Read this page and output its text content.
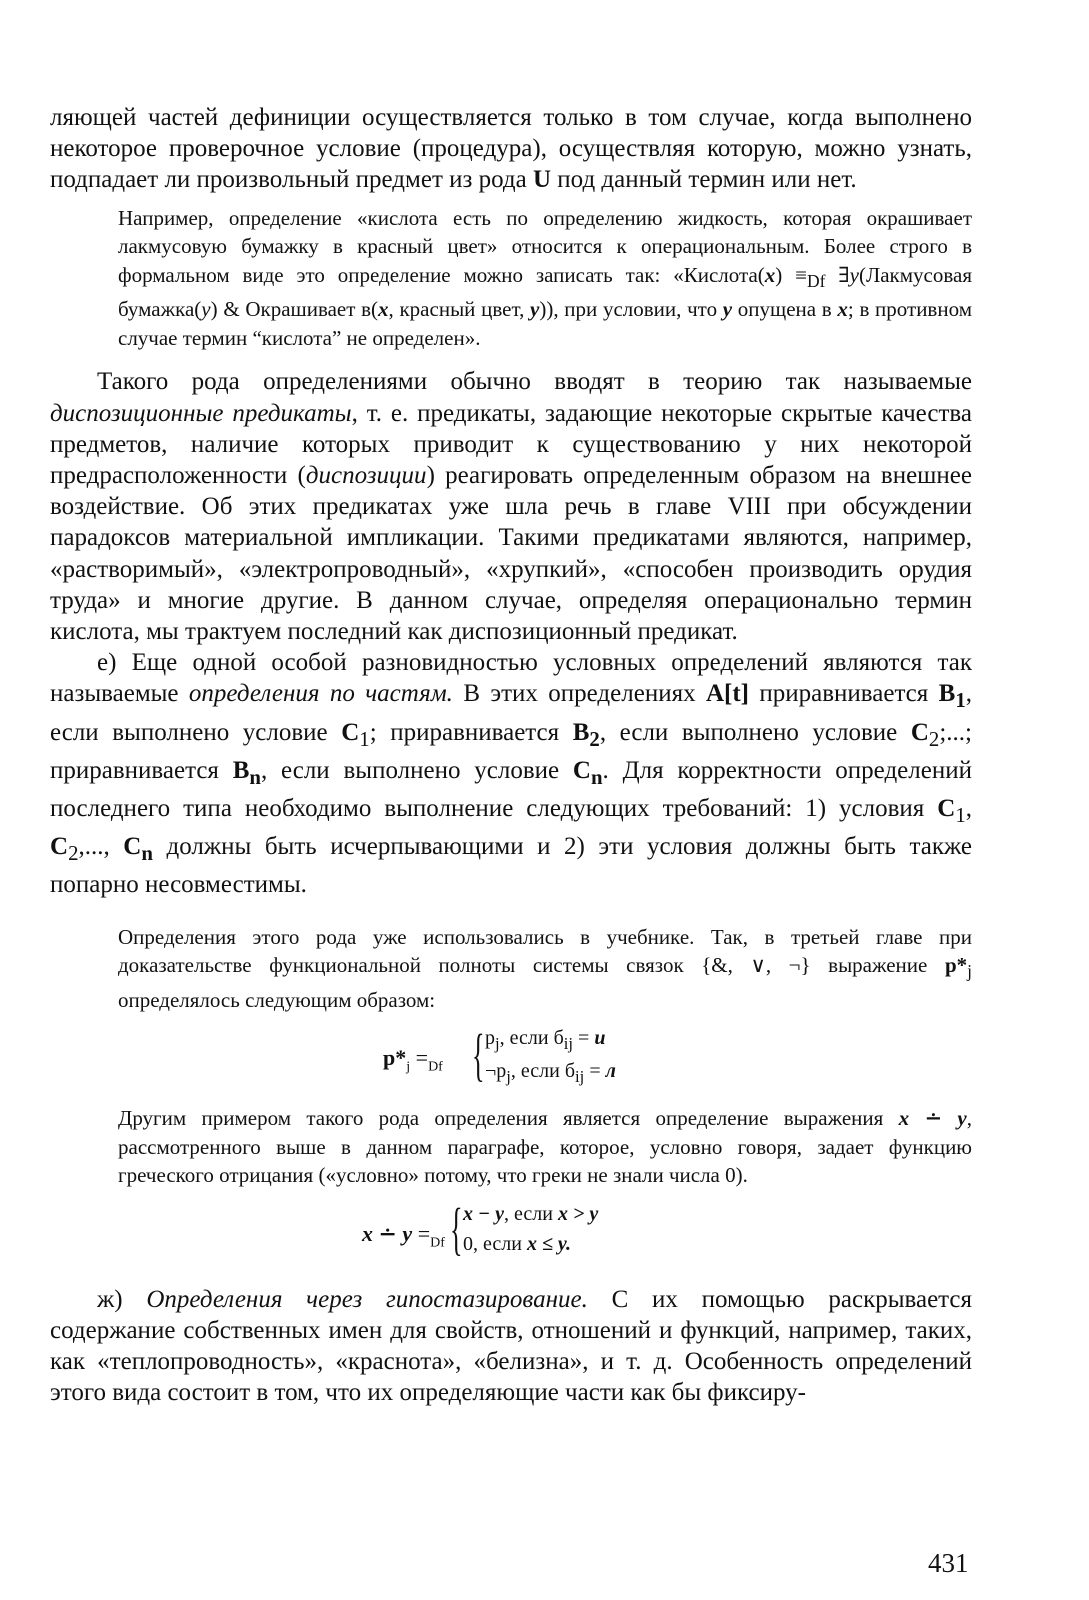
ляющей частей дефиниции осуществляется только в том случае, когда выполнено некоторое проверочное условие (процедура), осуществляя которую, можно узнать, подпадает ли произвольный предмет из рода U под данный термин или нет.

Например, определение «кислота есть по определению жидкость, которая окрашивает лакмусовую бумажку в красный цвет» относится к операциональным. Более строго в формальном виде это определение можно записать так: «Кислота(x) $\equiv_{Df}$ ∃y(Лакмусовая бумажка(y) & Окрашивает в(x, красный цвет, y)), при условии, что y опущена в x; в противном случае термин “кислота” не определен».

Такого рода определениями обычно вводят в теорию так называемые диспозиционные предикаты, т. е. предикаты, задающие некоторые скрытые качества предметов, наличие которых приводит к существованию у них некоторой предрасположенности (диспозиции) реагировать определенным образом на внешнее воздействие. Об этих предикатах уже шла речь в главе VIII при обсуждении парадоксов материальной импликации. Такими предикатами являются, например, «растворимый», «электропроводный», «хрупкий», «способен производить орудия труда» и многие другие. В данном случае, определяя операционально термин кислота, мы трактуем последний как диспозиционный предикат.

е) Еще одной особой разновидностью условных определений являются так называемые определения по частям. В этих определениях A[t] приравнивается $B_1$, если выполнено условие $C_1$; приравнивается $B_2$, если выполнено условие $C_2$;...; приравнивается $B_n$, если выполнено условие $C_n$. Для корректности определений последнего типа необходимо выполнение следующих требований: 1) условия $C_1$, $C_2$,..., $C_n$ должны быть исчерпывающими и 2) эти условия должны быть также попарно несовместимы.

Определения этого рода уже использовались в учебнике. Так, в третьей главе при доказательстве функциональной полноты системы связок {&, ∨, ¬} выражение $p*_j$ определялось следующим образом:

$p*_j =_{Df}$ { $p_j$, если $б_{ij} = и$
$\neg p_j$, если $б_{ij} = л$

Другим примером такого рода определения является определение выражения x ∸ y, рассмотренного выше в данном параграфе, которое, условно говоря, задает функцию греческого отрицания («условно» потому, что греки не знали числа 0).

x ∸ $y =_{Df}$ { x − y, если x > y
0, если x ≤ y.

ж) Определения через гипостазирование. С их помощью раскрывается содержание собственных имен для свойств, отношений и функций, например, таких, как «теплопроводность», «краснота», «белизна», и т. д. Особенность определений этого вида состоит в том, что их определяющие части как бы фиксиру-

431
